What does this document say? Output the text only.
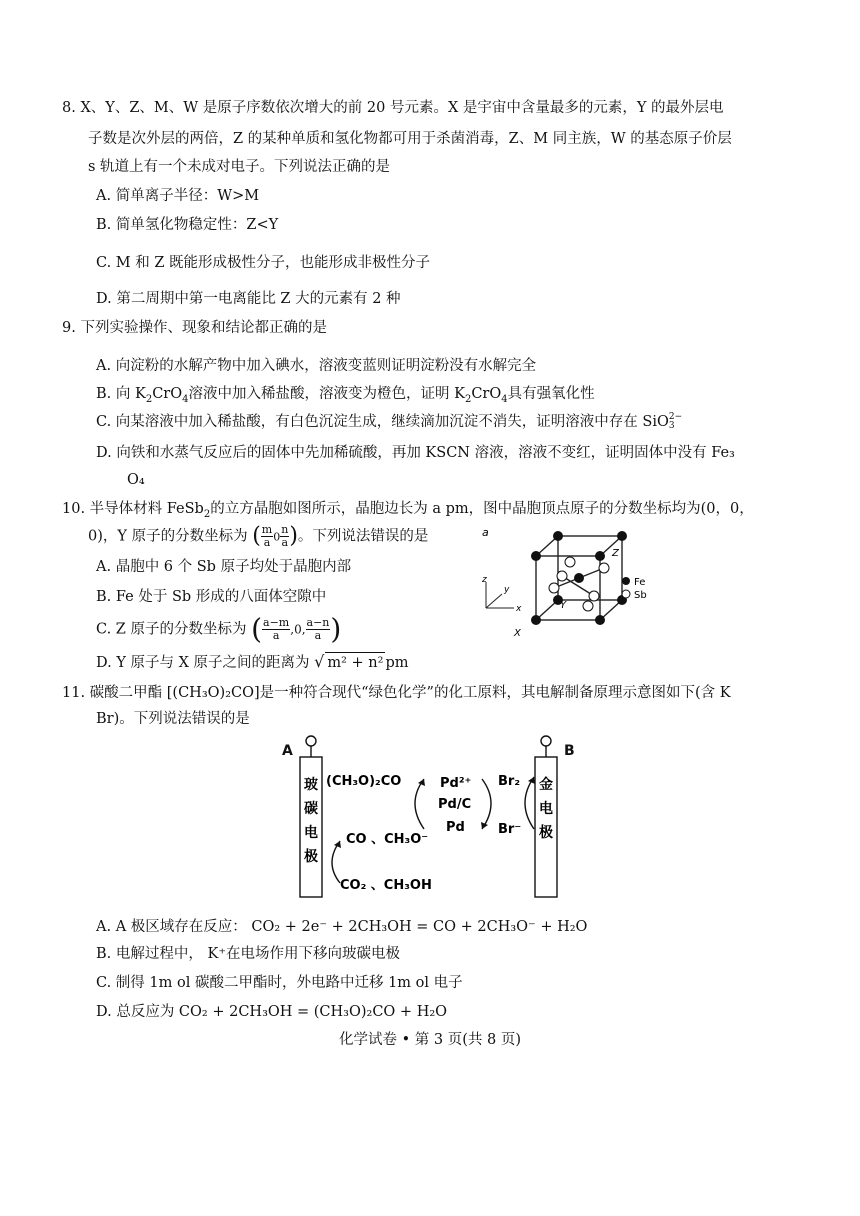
8. X、Y、Z、M、W 是原子序数依次增大的前 20 号元素。X 是宇宙中含量最多的元素，Y 的最外层电
子数是次外层的两倍，Z 的某种单质和氢化物都可用于杀菌消毒，Z、M 同主族，W 的基态原子价层
s 轨道上有一个未成对电子。下列说法正确的是
A. 简单离子半径：W>M
B. 简单氢化物稳定性：Z<Y
C. M 和 Z 既能形成极性分子，也能形成非极性分子
D. 第二周期中第一电离能比 Z 大的元素有 2 种
9. 下列实验操作、现象和结论都正确的是
A. 向淀粉的水解产物中加入碘水，溶液变蓝则证明淀粉没有水解完全
B. 向 $K_2CrO_4$溶液中加入稀盐酸，溶液变为橙色，证明 $K_2CrO_4$具有强氧化性
C. 向某溶液中加入稀盐酸，有白色沉淀生成，继续滴加沉淀不消失，证明溶液中存在 SiO 2−
3
D. 向铁和水蒸气反应后的固体中先加稀硫酸，再加 KSCN 溶液，溶液不变红，证明固体中没有 Fe₃
O₄
10. 半导体材料 FeSb$_2$的立方晶胞如图所示，晶胞边长为 a pm，图中晶胞顶点原子的分数坐标均为(0，0，
0)，Y 原子的分数坐标为 ( $\frac{m}{a} 0 \frac{n}{a}$ )。下列说法错误的是
A. 晶胞中 6 个 Sb 原子均处于晶胞内部
B. Fe 处于 Sb 形成的八面体空隙中
C. Z 原子的分数坐标为 ( $\frac{a-m}{a} ,0$, $\frac{a-n}{a}$ )
D. Y 原子与 X 原子之间的距离为 √ m² + n² pm
a
z
y
x
Z
Y
X
Fe
Sb
11. 碳酸二甲酯 [(CH₃O)₂CO]是一种符合现代“绿色化学”的化工原料，其电解制备原理示意图如下(含 K
Br)。下列说法错误的是
A	B
玻
碳
电
极
金
电
极
(CH₃O)₂CO	Pd²⁺
Pd/C
Pd
Br₂
Br⁻
CO 、CH₃O⁻
CO₂ 、CH₃OH
A. A 极区域存在反应： CO₂ + 2e⁻ + 2CH₃OH = CO + 2CH₃O⁻ + H₂O
B. 电解过程中， K⁺在电场作用下移向玻碳电极
C. 制得 1m ol 碳酸二甲酯时，外电路中迁移 1m ol 电子
D. 总反应为 CO₂ + 2CH₃OH = (CH₃O)₂CO + H₂O
化学试卷 • 第 3 页(共 8 页)
